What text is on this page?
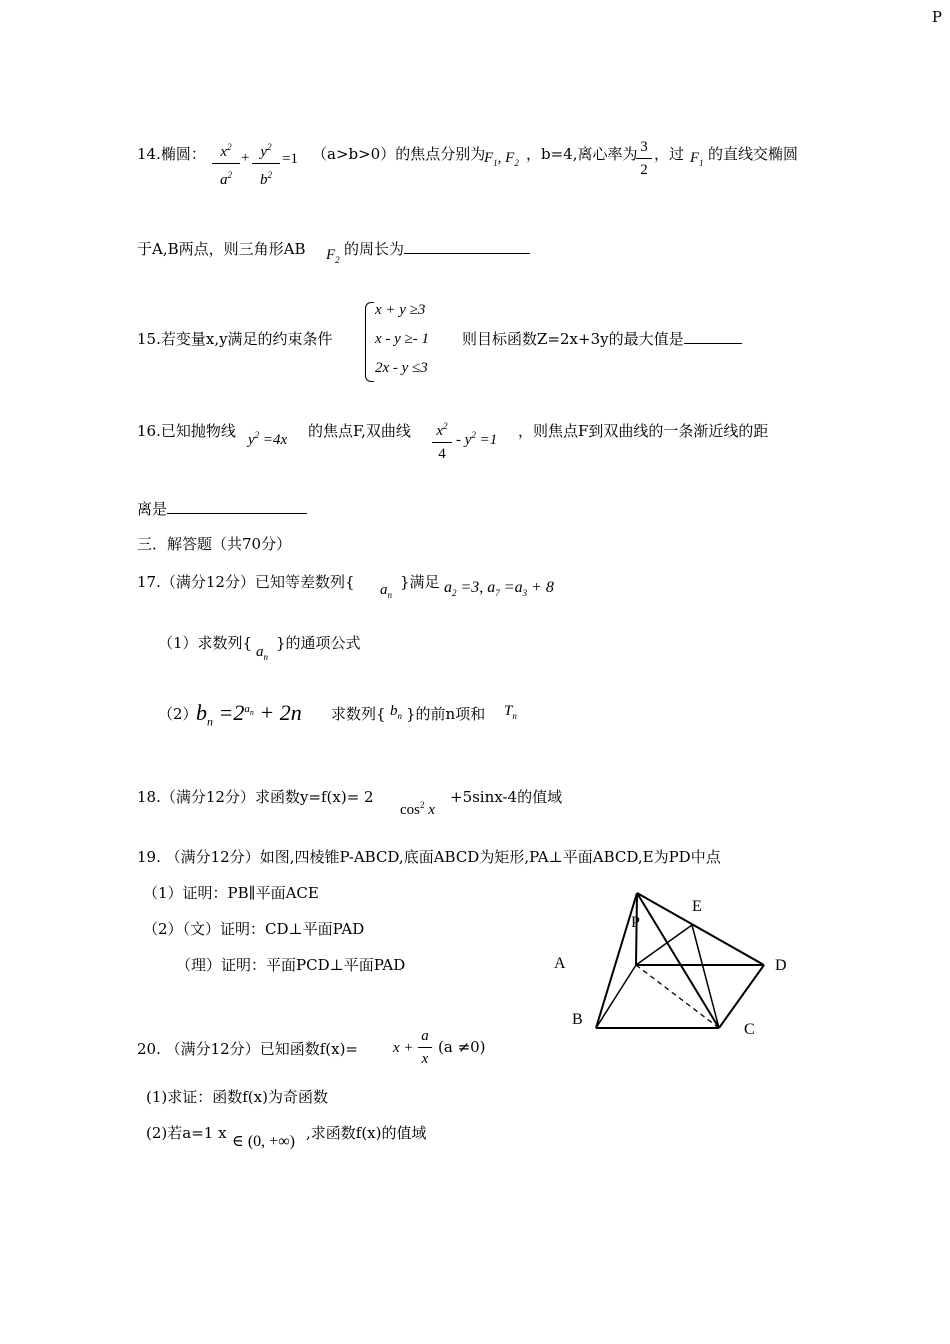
P
14.椭圆： $x^2$
$a^2$
+ $y^2$
$b^2$
=1 （a>b>0）的焦点分别为
$F_1$, $F_2$ ，b=4,离心率为 3
2
，过 $F_1$ 的直线交椭圆
于A,B两点，则三角形AB $F_2$
的周长为
15.若变量x,y满足的约束条件
x + y ≥3
x - y ≥- 1
2x - y ≤3
则目标函数Z=2x+3y的最大值是
16.已知抛物线 $y^2 =4x$ 的焦点F,双曲线 $x^2$
4
- $y^2 =1$ ，则焦点F到双曲线的一条渐近线的距
离是
三．解答题（共70分）
17.（满分12分）已知等差数列{ $a_n$
}满足 $a_2 =3$, $a_7 =a_3 + 8$
（1）求数列{ $a_n$
}的通项公式
（2）
$b_n =2^{a_n} + 2n$ 求数列{ $b_n$ }的前n项和 $T_n$
18.（满分12分）求函数y=f(x)= 2
$\cos^2 x$
+5sinx-4的值域
19. （满分12分）如图,四棱锥P-ABCD,底面ABCD为矩形,PA⊥平面ABCD,E为PD中点
（1）证明：PB∥平面ACE
（2）（文）证明：CD⊥平面PAD
（理）证明：平面PCD⊥平面PAD
P
E
A	D
B
C
20. （满分12分）已知函数f(x)= x +
a
x
(a ≠0)
(1)求证：函数f(x)为奇函数
(2)若a=1 x ∈ (0, +∞) ,求函数f(x)的值域
